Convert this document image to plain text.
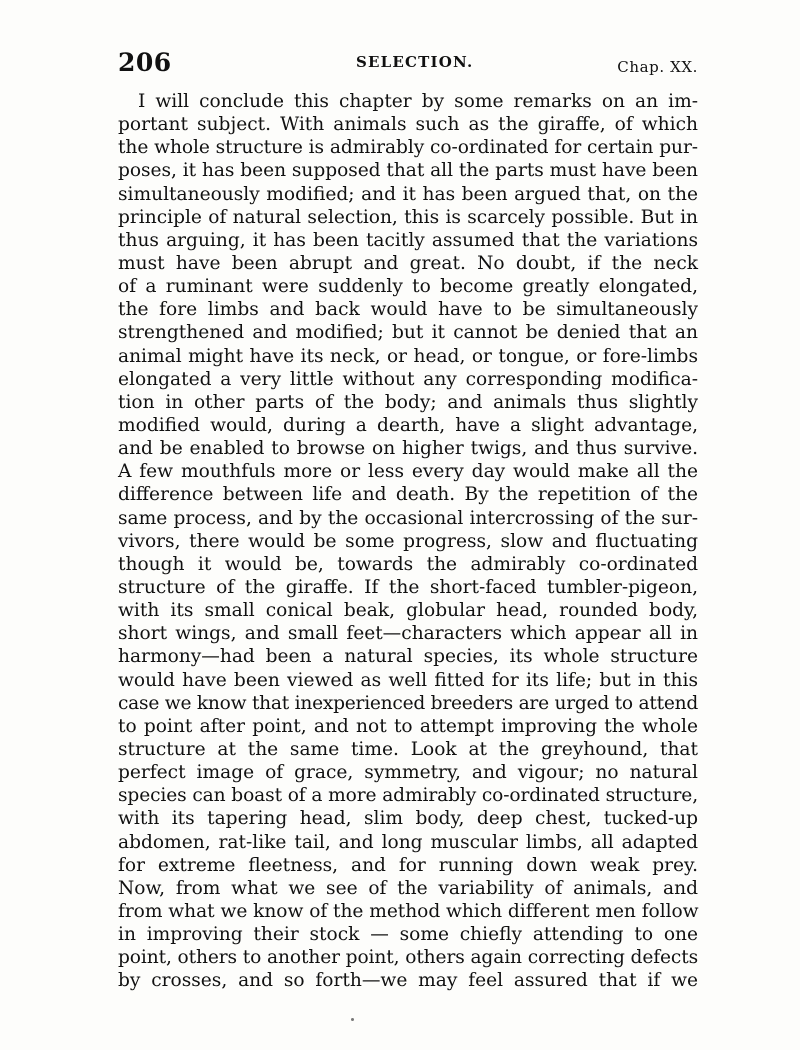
206	SELECTION.	Chap. XX.
I will conclude this chapter by some remarks on an im-
portant subject. With animals such as the giraffe, of which
the whole structure is admirably co-ordinated for certain pur-
poses, it has been supposed that all the parts must have been
simultaneously modified; and it has been argued that, on the
principle of natural selection, this is scarcely possible. But in
thus arguing, it has been tacitly assumed that the variations
must have been abrupt and great. No doubt, if the neck
of a ruminant were suddenly to become greatly elongated,
the fore limbs and back would have to be simultaneously
strengthened and modified; but it cannot be denied that an
animal might have its neck, or head, or tongue, or fore-limbs
elongated a very little without any corresponding modifica-
tion in other parts of the body; and animals thus slightly
modified would, during a dearth, have a slight advantage,
and be enabled to browse on higher twigs, and thus survive.
A few mouthfuls more or less every day would make all the
difference between life and death. By the repetition of the
same process, and by the occasional intercrossing of the sur-
vivors, there would be some progress, slow and fluctuating
though it would be, towards the admirably co-ordinated
structure of the giraffe. If the short-faced tumbler-pigeon,
with its small conical beak, globular head, rounded body,
short wings, and small feet—characters which appear all in
harmony—had been a natural species, its whole structure
would have been viewed as well fitted for its life; but in this
case we know that inexperienced breeders are urged to attend
to point after point, and not to attempt improving the whole
structure at the same time. Look at the greyhound, that
perfect image of grace, symmetry, and vigour; no natural
species can boast of a more admirably co-ordinated structure,
with its tapering head, slim body, deep chest, tucked-up
abdomen, rat-like tail, and long muscular limbs, all adapted
for extreme fleetness, and for running down weak prey.
Now, from what we see of the variability of animals, and
from what we know of the method which different men follow
in improving their stock — some chiefly attending to one
point, others to another point, others again correcting defects
by crosses, and so forth—we may feel assured that if we
